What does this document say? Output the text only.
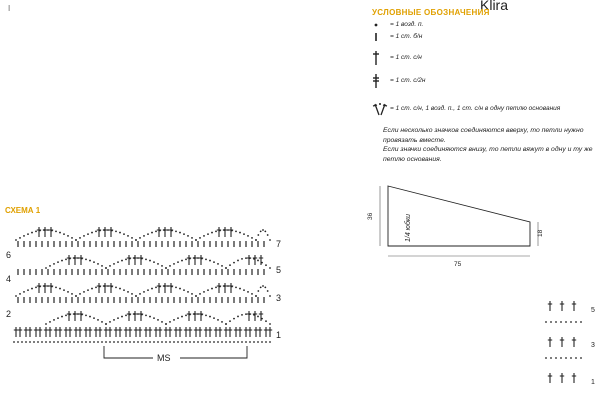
I	Klira
УСЛОВНЫЕ ОБОЗНАЧЕНИЯ
= 1 возд. п.
= 1 ст. б/н
= 1 ст. с/н
= 1 ст. с/2н
= 1 ст. с/н, 1 возд. п., 1 ст. с/н в одну петлю основания
Если несколько значков соединяются вверху, то петли нужно провязать вместе.
Если значки соединяются внизу, то петли вяжут в одну и ту же петлю основания.
СХЕМА 1
6
4
2
7
5
3
1
MS
36
18
75
1/4 юбки
5
3
1
